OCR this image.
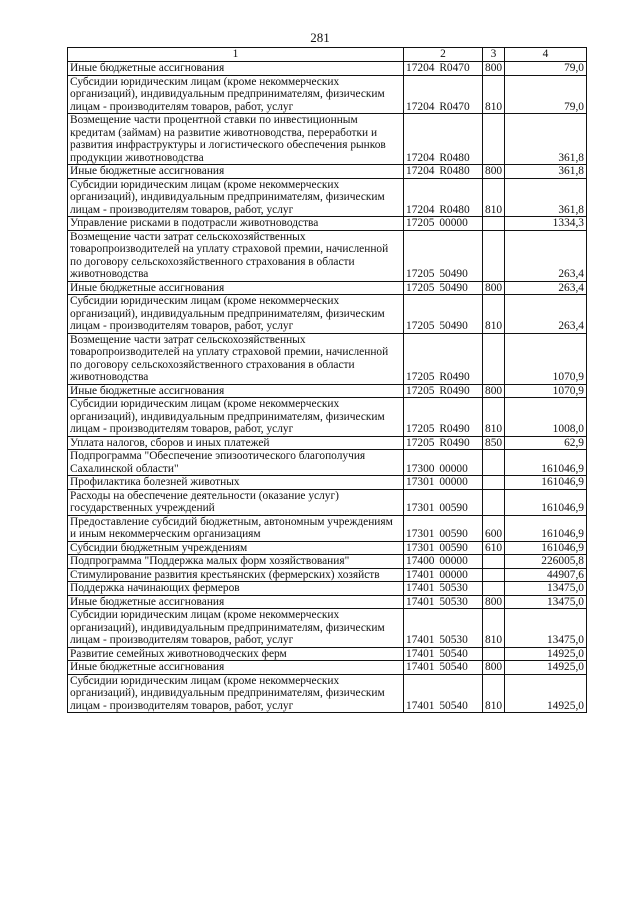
281
1	2	3	4
Иные бюджетные ассигнования	17204 R0470	800	79,0
Субсидии юридическим лицам (кроме некоммерческих организаций), индивидуальным предпринимателям, физическим лицам - производителям товаров, работ, услуг	17204 R0470	810	79,0
Возмещение части процентной ставки по инвестиционным кредитам (займам) на развитие животноводства, переработки и развития инфраструктуры и логистического обеспечения рынков продукции животноводства	17204 R0480		361,8
Иные бюджетные ассигнования	17204 R0480	800	361,8
Субсидии юридическим лицам (кроме некоммерческих организаций), индивидуальным предпринимателям, физическим лицам - производителям товаров, работ, услуг	17204 R0480	810	361,8
Управление рисками в подотрасли животноводства	17205 00000		1334,3
Возмещение части затрат сельскохозяйственных товаропроизводителей на уплату страховой премии, начисленной по договору сельскохозяйственного страхования в области животноводства	17205 50490		263,4
Иные бюджетные ассигнования	17205 50490	800	263,4
Субсидии юридическим лицам (кроме некоммерческих организаций), индивидуальным предпринимателям, физическим лицам - производителям товаров, работ, услуг	17205 50490	810	263,4
Возмещение части затрат сельскохозяйственных товаропроизводителей на уплату страховой премии, начисленной по договору сельскохозяйственного страхования в области животноводства	17205 R0490		1070,9
Иные бюджетные ассигнования	17205 R0490	800	1070,9
Субсидии юридическим лицам (кроме некоммерческих организаций), индивидуальным предпринимателям, физическим лицам - производителям товаров, работ, услуг	17205 R0490	810	1008,0
Уплата налогов, сборов и иных платежей	17205 R0490	850	62,9
Подпрограмма "Обеспечение эпизоотического благополучия Сахалинской области"	17300 00000		161046,9
Профилактика болезней животных	17301 00000		161046,9
Расходы на обеспечение деятельности (оказание услуг) государственных учреждений	17301 00590		161046,9
Предоставление субсидий бюджетным, автономным учреждениям и иным некоммерческим организациям	17301 00590	600	161046,9
Субсидии бюджетным учреждениям	17301 00590	610	161046,9
Подпрограмма "Поддержка малых форм хозяйствования"	17400 00000		226005,8
Стимулирование развития крестьянских (фермерских) хозяйств	17401 00000		44907,6
Поддержка начинающих фермеров	17401 50530		13475,0
Иные бюджетные ассигнования	17401 50530	800	13475,0
Субсидии юридическим лицам (кроме некоммерческих организаций), индивидуальным предпринимателям, физическим лицам - производителям товаров, работ, услуг	17401 50530	810	13475,0
Развитие семейных животноводческих ферм	17401 50540		14925,0
Иные бюджетные ассигнования	17401 50540	800	14925,0
Субсидии юридическим лицам (кроме некоммерческих организаций), индивидуальным предпринимателям, физическим лицам - производителям товаров, работ, услуг	17401 50540	810	14925,0
